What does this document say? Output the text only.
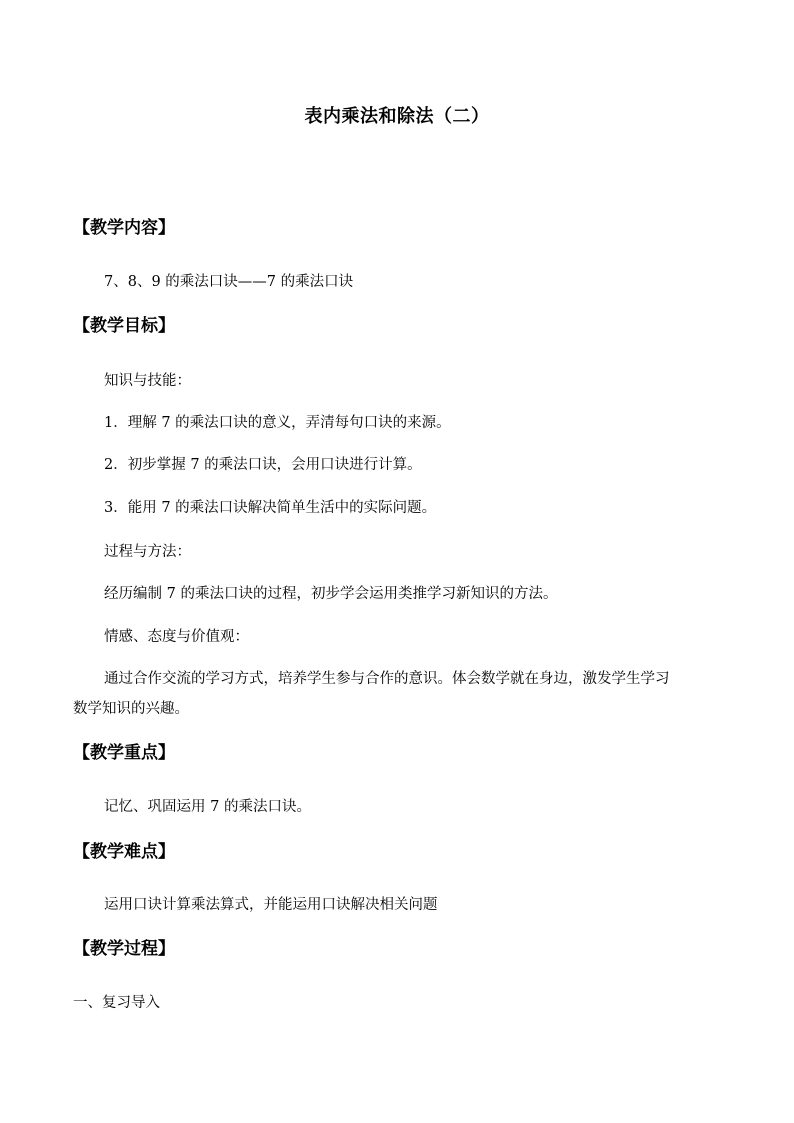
表内乘法和除法（二）
【教学内容】
7、8、9 的乘法口诀——7 的乘法口诀
【教学目标】
知识与技能：
1．理解 7 的乘法口诀的意义，弄清每句口诀的来源。
2．初步掌握 7 的乘法口诀，会用口诀进行计算。
3．能用 7 的乘法口诀解决简单生活中的实际问题。
过程与方法：
经历编制 7 的乘法口诀的过程，初步学会运用类推学习新知识的方法。
情感、态度与价值观：
通过合作交流的学习方式，培养学生参与合作的意识。体会数学就在身边，激发学生学习
数学知识的兴趣。
【教学重点】
记忆、巩固运用 7 的乘法口诀。
【教学难点】
运用口诀计算乘法算式，并能运用口诀解决相关问题
【教学过程】
一、复习导入
